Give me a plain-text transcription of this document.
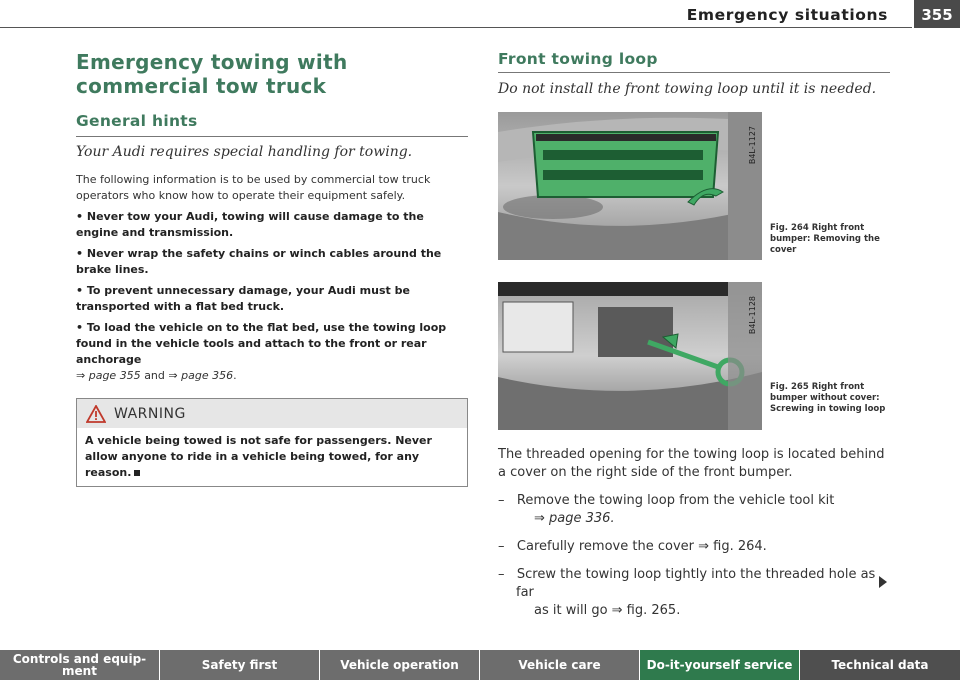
Emergency situations	355
Emergency towing with commercial tow truck
General hints
Your Audi requires special handling for towing.
The following information is to be used by commercial tow truck operators who know how to operate their equipment safely.
• Never tow your Audi, towing will cause damage to the engine and transmission.
• Never wrap the safety chains or winch cables around the brake lines.
• To prevent unnecessary damage, your Audi must be transported with a flat bed truck.
• To load the vehicle on to the flat bed, use the towing loop found in the vehicle tools and attach to the front or rear anchorage
⇒ page 355 and ⇒ page 356.
WARNING
A vehicle being towed is not safe for passengers. Never allow anyone to ride in a vehicle being towed, for any reason.
Front towing loop
Do not install the front towing loop until it is needed.
B4L-1127
Fig. 264 Right front bumper: Removing the cover
B4L-1128
Fig. 265 Right front bumper without cover: Screwing in towing loop
The threaded opening for the towing loop is located behind a cover on the right side of the front bumper.
–   Remove the towing loop from the vehicle tool kit
⇒ page 336.
–   Carefully remove the cover ⇒ fig. 264.
–   Screw the towing loop tightly into the threaded hole as far
as it will go ⇒ fig. 265.
Controls and equip-ment	Safety first	Vehicle operation	Vehicle care	Do-it-yourself service	Technical data
